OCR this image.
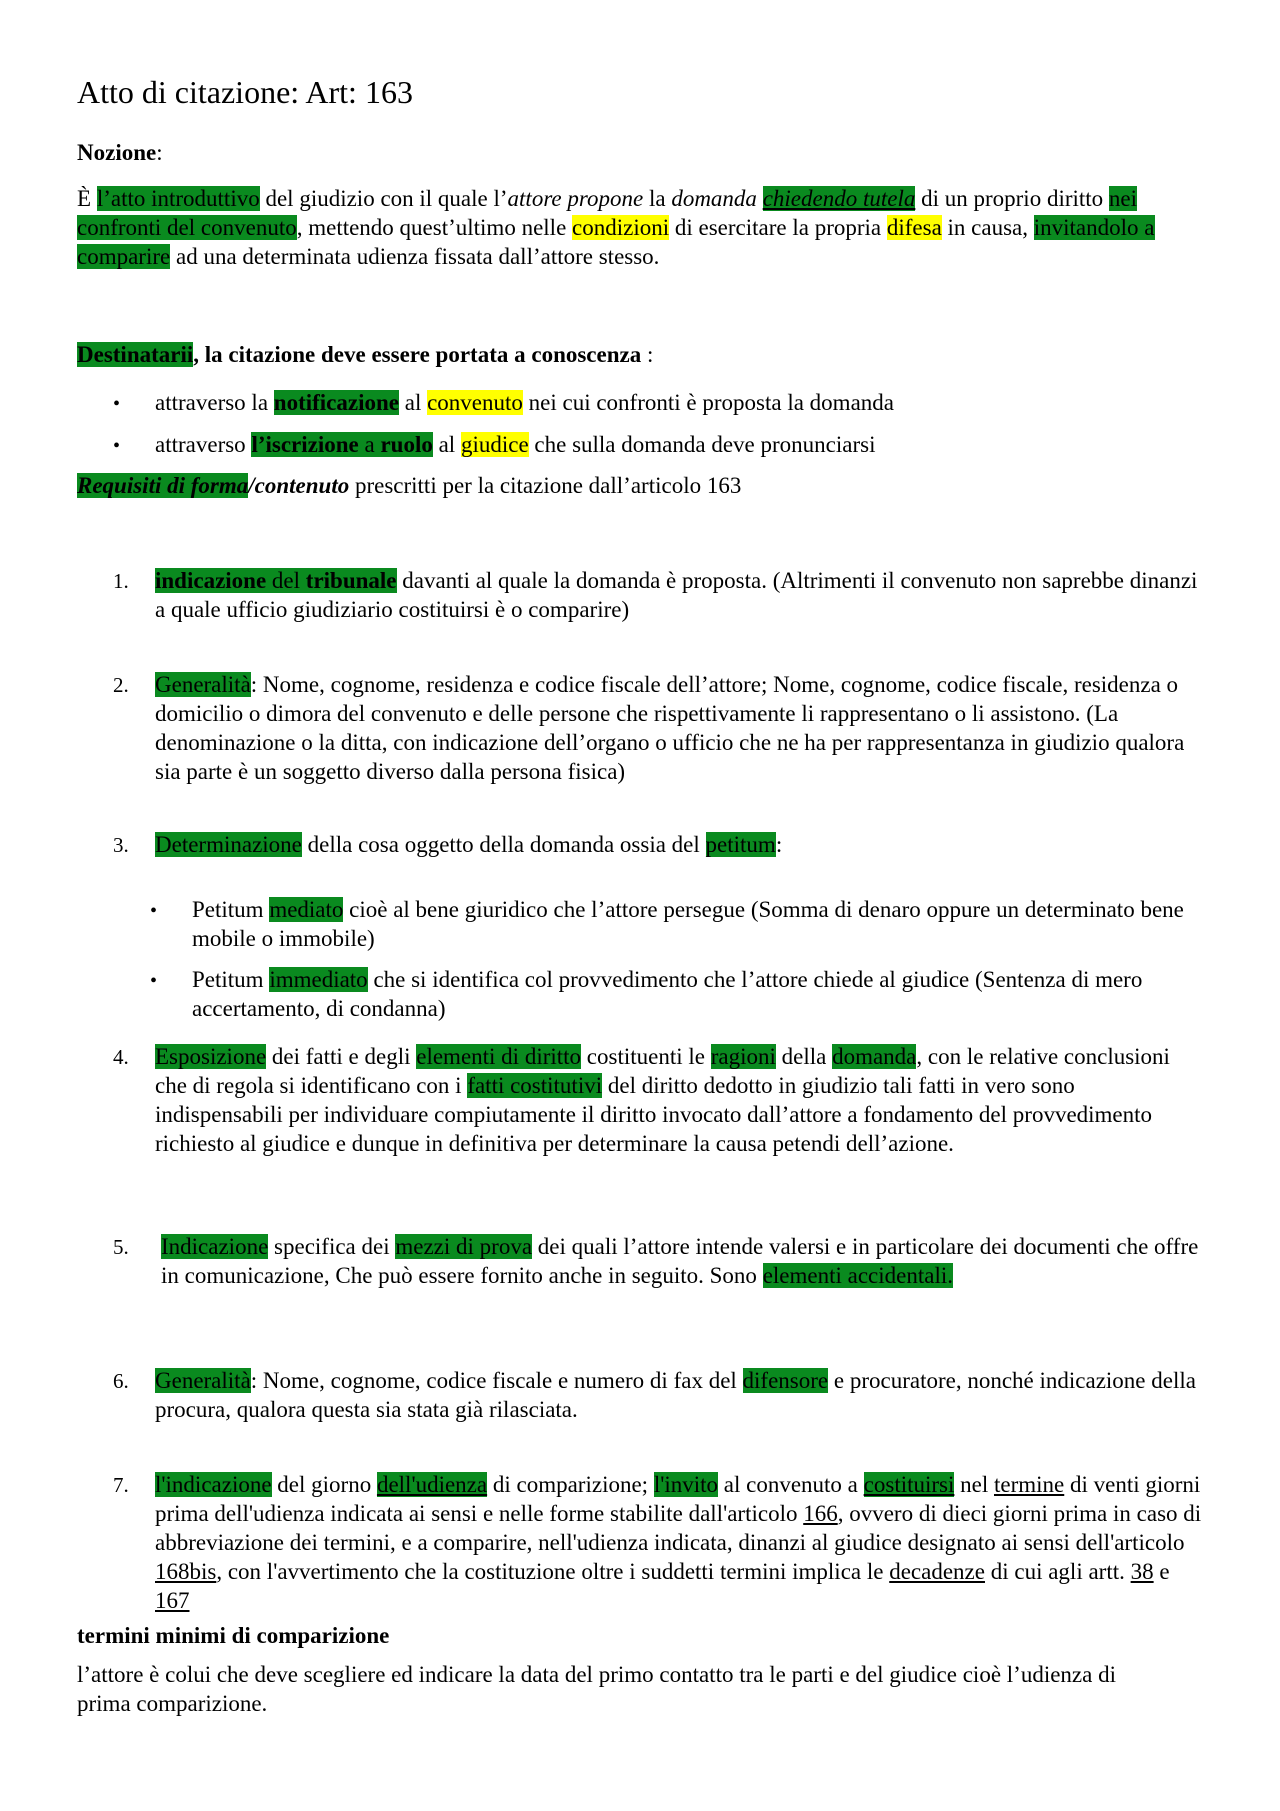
Atto di citazione: Art: 163
Nozione:
È l’atto introduttivo del giudizio con il quale l’attore propone la domanda chiedendo tutela di un proprio diritto nei confronti del convenuto, mettendo quest’ultimo nelle condizioni di esercitare la propria difesa in causa, invitandolo a comparire ad una determinata udienza fissata dall’attore stesso.
Destinatarii, la citazione deve essere portata a conoscenza :
• attraverso la notificazione al convenuto nei cui confronti è proposta la domanda
• attraverso l’iscrizione a ruolo al giudice che sulla domanda deve pronunciarsi
Requisiti di forma/contenuto prescritti per la citazione dall’articolo 163
1.	indicazione del tribunale davanti al quale la domanda è proposta. (Altrimenti il convenuto non saprebbe dinanzi a quale ufficio giudiziario costituirsi è o comparire)
2.	Generalità: Nome, cognome, residenza e codice fiscale dell’attore; Nome, cognome, codice fiscale, residenza o domicilio o dimora del convenuto e delle persone che rispettivamente li rappresentano o li assistono. (La denominazione o la ditta, con indicazione dell’organo o ufficio che ne ha per rappresentanza in giudizio qualora sia parte è un soggetto diverso dalla persona fisica)
3.	Determinazione della cosa oggetto della domanda ossia del petitum:
• Petitum mediato cioè al bene giuridico che l’attore persegue (Somma di denaro oppure un determinato bene mobile o immobile)
• Petitum immediato che si identifica col provvedimento che l’attore chiede al giudice (Sentenza di mero accertamento, di condanna)
4.	Esposizione dei fatti e degli elementi di diritto costituenti le ragioni della domanda, con le relative conclusioni che di regola si identificano con i fatti costitutivi del diritto dedotto in giudizio tali fatti in vero sono indispensabili per individuare compiutamente il diritto invocato dall’attore a fondamento del provvedimento richiesto al giudice e dunque in definitiva per determinare la causa petendi dell’azione.
5.	Indicazione specifica dei mezzi di prova dei quali l’attore intende valersi e in particolare dei documenti che offre in comunicazione, Che può essere fornito anche in seguito. Sono elementi accidentali.
6.	Generalità: Nome, cognome, codice fiscale e numero di fax del difensore e procuratore, nonché indicazione della procura, qualora questa sia stata già rilasciata.
7.	l'indicazione del giorno dell'udienza di comparizione; l'invito al convenuto a costituirsi nel termine di venti giorni prima dell'udienza indicata ai sensi e nelle forme stabilite dall'articolo 166, ovvero di dieci giorni prima in caso di abbreviazione dei termini, e a comparire, nell'udienza indicata, dinanzi al giudice designato ai sensi dell'articolo 168bis, con l'avvertimento che la costituzione oltre i suddetti termini implica le decadenze di cui agli artt. 38 e 167
termini minimi di comparizione
l’attore è colui che deve scegliere ed indicare la data del primo contatto tra le parti e del giudice cioè l’udienza di prima comparizione.
